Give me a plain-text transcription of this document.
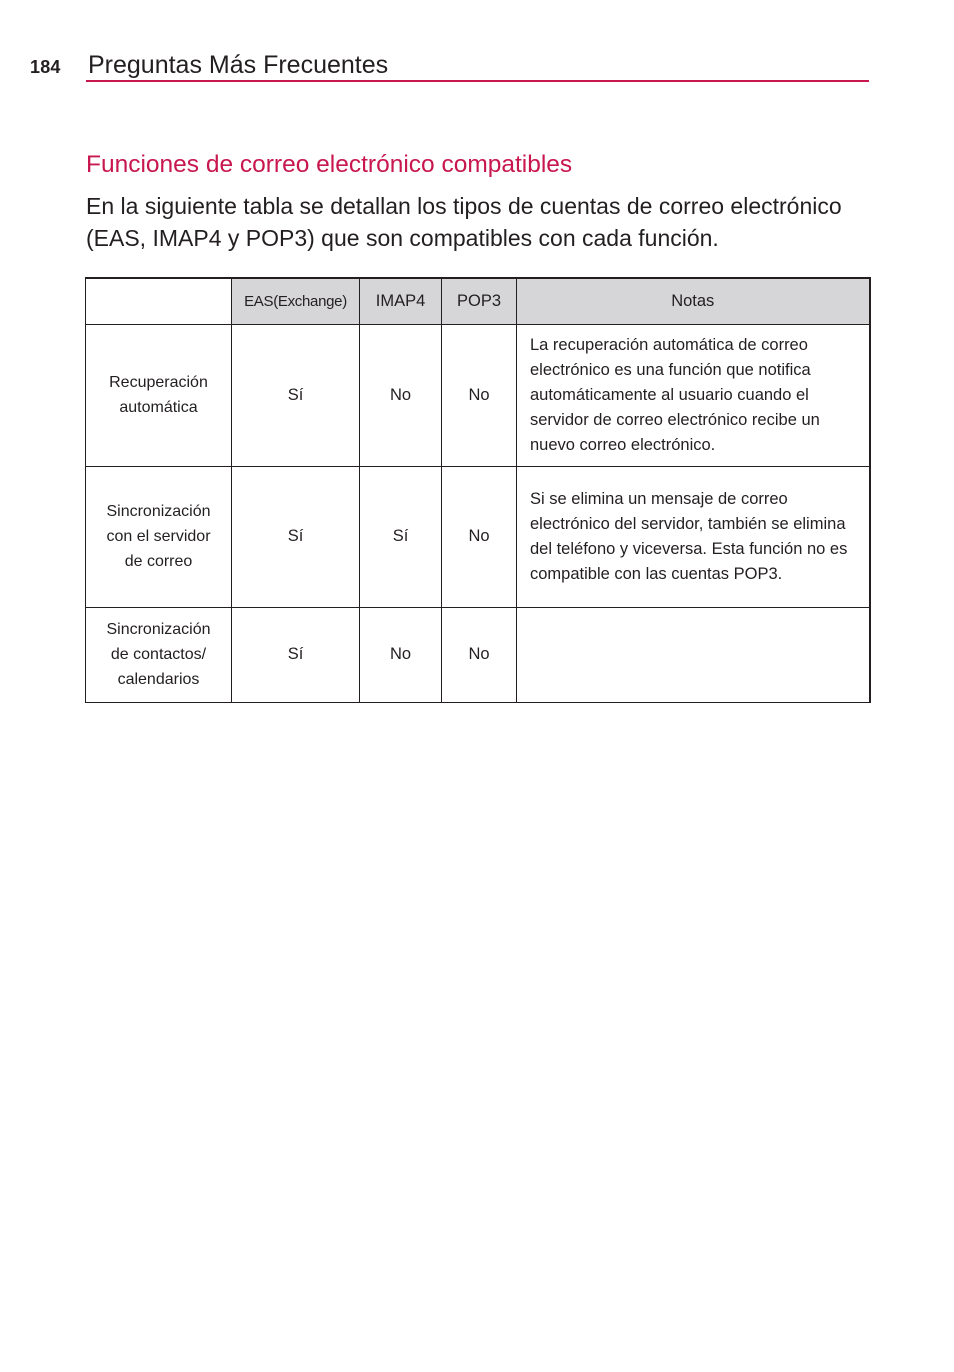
184 Preguntas Más Frecuentes
Funciones de correo electrónico compatibles

En la siguiente tabla se detallan los tipos de cuentas de correo electrónico (EAS, IMAP4 y POP3) que son compatibles con cada función.

	EAS(Exchange)	IMAP4	POP3	Notas
Recuperación automática	Sí	No	No	La recuperación automática de correo electrónico es una función que notifica automáticamente al usuario cuando el servidor de correo electrónico recibe un nuevo correo electrónico.
Sincronización con el servidor de correo	Sí	Sí	No	Si se elimina un mensaje de correo electrónico del servidor, también se elimina del teléfono y viceversa. Esta función no es compatible con las cuentas POP3.
Sincronización de contactos/ calendarios	Sí	No	No	
